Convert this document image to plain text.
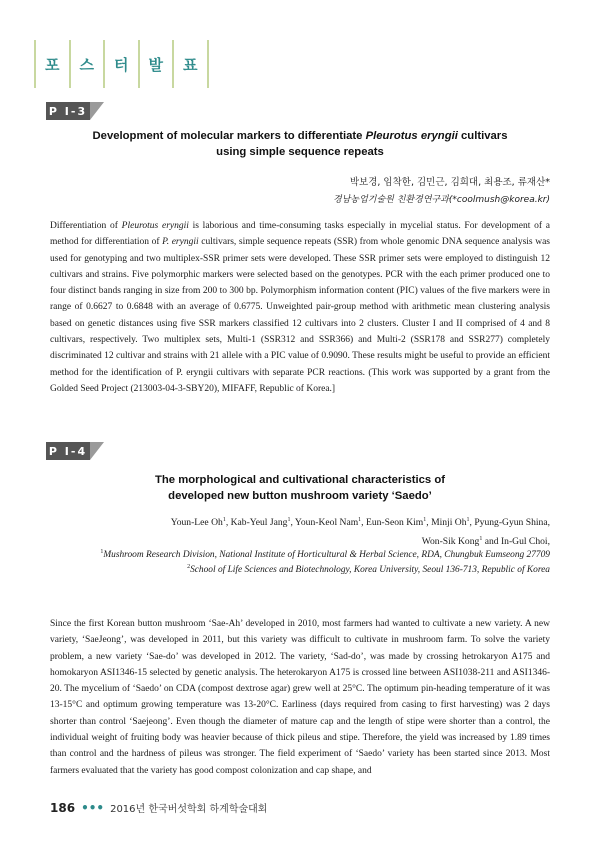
포	스	터	발	표
P I-3
Development of molecular markers to differentiate Pleurotus eryngii cultivars
using simple sequence repeats
박보경, 임착한, 김민근, 김희대, 최용조, 류재산*
경남농업기술원 친환경연구과(*coolmush@korea.kr)
Differentiation of Pleurotus eryngii is laborious and time-consuming tasks especially in mycelial status. For development of a method for differentiation of P. eryngii cultivars, simple sequence repeats (SSR) from whole genomic DNA sequence analysis was used for genotyping and two multiplex-SSR primer sets were developed. These SSR primer sets were employed to distinguish 12 cultivars and strains. Five polymorphic markers were selected based on the genotypes. PCR with the each primer produced one to four distinct bands ranging in size from 200 to 300 bp. Polymorphism information content (PIC) values of the five markers were in range of 0.6627 to 0.6848 with an average of 0.6775. Unweighted pair-group method with arithmetic mean clustering analysis based on genetic distances using five SSR markers classified 12 cultivars into 2 clusters. Cluster I and II comprised of 4 and 8 cultivars, respectively. Two multiplex sets, Multi-1 (SSR312 and SSR366) and Multi-2 (SSR178 and SSR277) completely discriminated 12 cultivar and strains with 21 allele with a PIC value of 0.9090. These results might be useful to provide an efficient method for the identification of P. eryngii cultivars with separate PCR reactions. (This work was supported by a grant from the Golded Seed Project (213003-04-3-SBY20), MIFAFF, Republic of Korea.]
P I-4
The morphological and cultivational characteristics of
developed new button mushroom variety ‘Saedo’
Youn-Lee Oh$^1$, Kab-Yeul Jang$^1$, Youn-Keol Nam$^1$, Eun-Seon Kim$^1$, Minji Oh$^1$, Pyung-Gyun Shina,
Won-Sik Kong$^1$ and In-Gul Choi,
$^1$Mushroom Research Division, National Institute of Horticultural & Herbal Science, RDA, Chungbuk Eumseong 27709
$^2$School of Life Sciences and Biotechnology, Korea University, Seoul 136-713, Republic of Korea
Since the first Korean button mushroom ‘Sae-Ah’ developed in 2010, most farmers had wanted to cultivate a new variety. A new variety, ‘SaeJeong’, was developed in 2011, but this variety was difficult to cultivate in mushroom farm. To solve the variety problem, a new variety ‘Sae-do’ was developed in 2012. The variety, ‘Sad-do’, was made by crossing hetrokaryon A175 and homokaryon ASI1346-15 selected by genetic analysis. The heterokaryon A175 is crossed line between ASI1038-211 and ASI1346-20. The mycelium of ‘Saedo’ on CDA (compost dextrose agar) grew well at 25°C. The optimum pin-heading temperature of it was 13-15°C and optimum growing temperature was 13-20°C. Earliness (days required from casing to first harvesting) was 2 days shorter than control ‘Saejeong’. Even though the diameter of mature cap and the length of stipe were shorter than a control, the individual weight of fruiting body was heavier because of thick pileus and stipe. Therefore, the yield was increased by 1.89 times than control and the hardness of pileus was stronger. The field experiment of ‘Saedo’ variety has been started since 2013. Most farmers evaluated that the variety has good compost colonization and cap shape, and
186 ••• 2016년 한국버섯학회 하계학술대회
